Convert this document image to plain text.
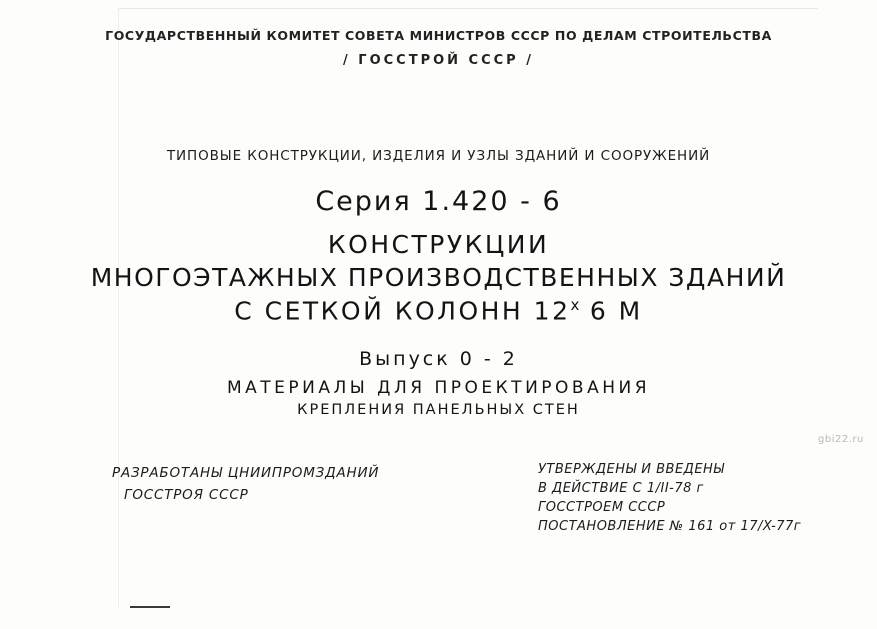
ГОСУДАРСТВЕННЫЙ КОМИТЕТ СОВЕТА МИНИСТРОВ СССР ПО ДЕЛАМ СТРОИТЕЛЬСТВА
/ ГОССТРОЙ СССР /
ТИПОВЫЕ КОНСТРУКЦИИ, ИЗДЕЛИЯ И УЗЛЫ ЗДАНИЙ И СООРУЖЕНИЙ
Серия 1.420 - 6
КОНСТРУКЦИИ
МНОГОЭТАЖНЫХ ПРОИЗВОДСТВЕННЫХ ЗДАНИЙ
С СЕТКОЙ КОЛОНН $12^х$ 6 М
Выпуск 0 - 2
МАТЕРИАЛЫ ДЛЯ ПРОЕКТИРОВАНИЯ
КРЕПЛЕНИЯ ПАНЕЛЬНЫХ СТЕН
РАЗРАБОТАНЫ ЦНИИПРОМЗДАНИЙ
ГОССТРОЯ СССР
УТВЕРЖДЕНЫ И ВВЕДЕНЫ
В ДЕЙСТВИЕ С 1/II-78 г
ГОССТРОЕМ СССР
ПОСТАНОВЛЕНИЕ № 161 от 17/X-77г
gbi22.ru
